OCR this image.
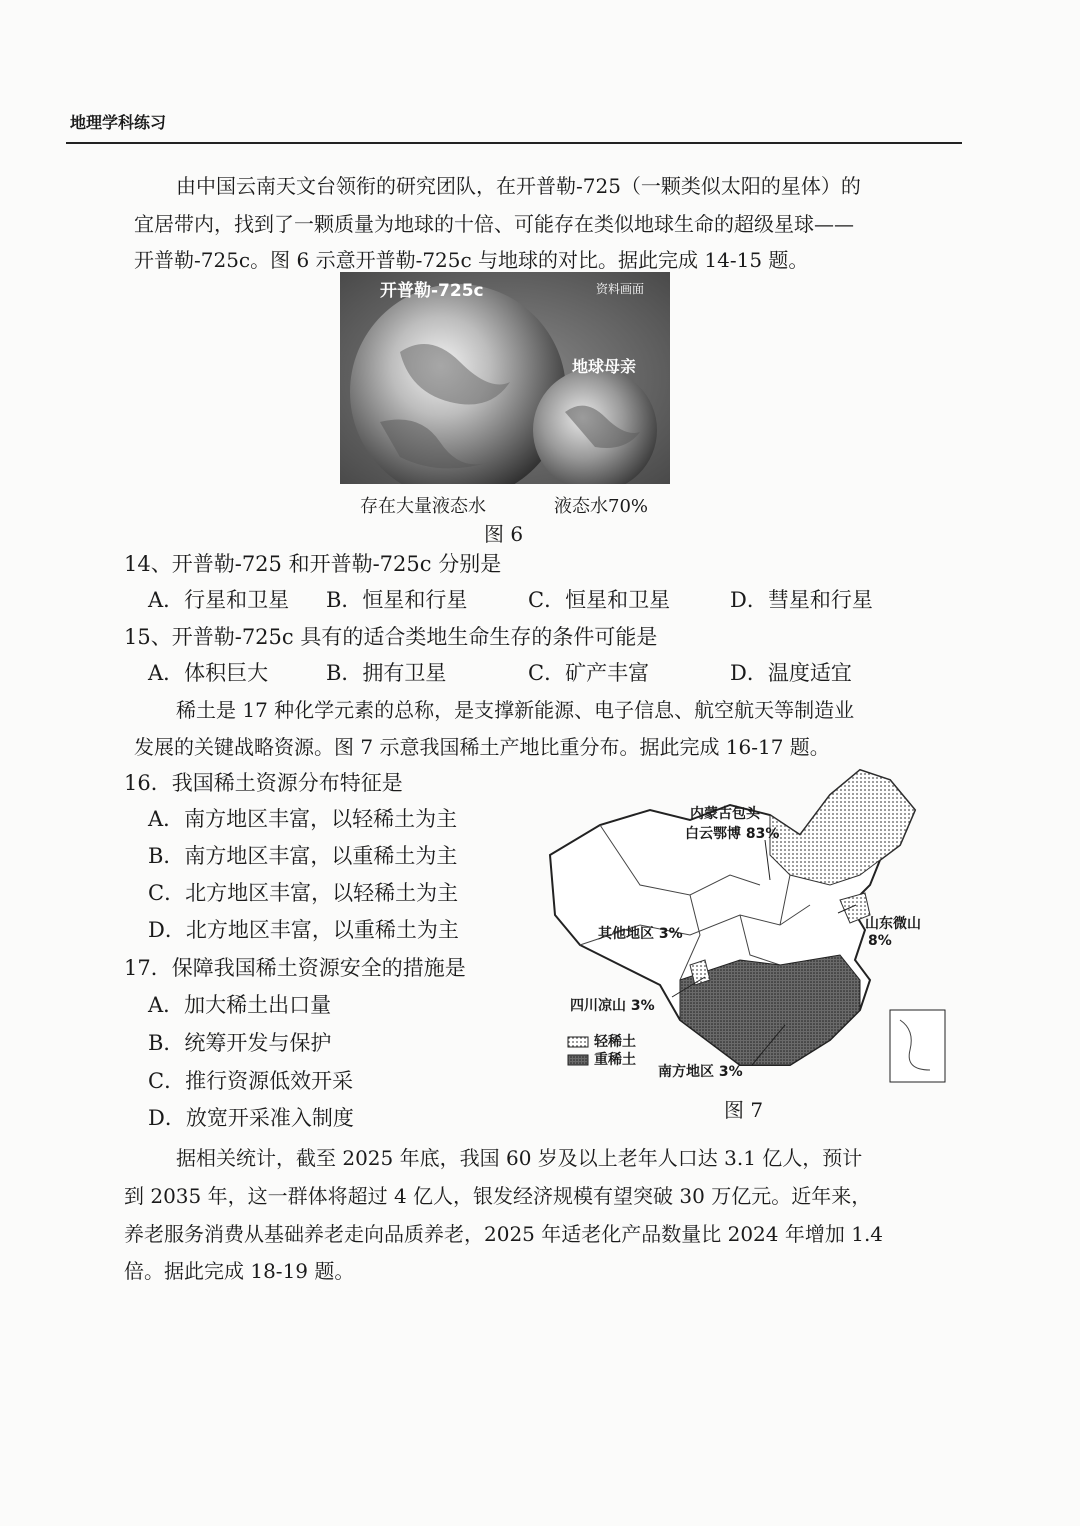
地理学科练习
由中国云南天文台领衔的研究团队，在开普勒-725（一颗类似太阳的星体）的
宜居带内，找到了一颗质量为地球的十倍、可能存在类似地球生命的超级星球——
开普勒-725c。图 6 示意开普勒-725c 与地球的对比。据此完成 14-15 题。
开普勒-725c	资料画面
地球母亲
存在大量液态水	液态水70%
图 6
14、开普勒-725 和开普勒-725c 分别是
A．行星和卫星 B．恒星和行星	C．恒星和卫星	D．彗星和行星
15、开普勒-725c 具有的适合类地生命生存的条件可能是
A．体积巨大	B．拥有卫星	C．矿产丰富	D．温度适宜
稀土是 17 种化学元素的总称，是支撑新能源、电子信息、航空航天等制造业
发展的关键战略资源。图 7 示意我国稀土产地比重分布。据此完成 16-17 题。
16．我国稀土资源分布特征是
A．南方地区丰富，以轻稀土为主
B．南方地区丰富，以重稀土为主
C．北方地区丰富，以轻稀土为主
D．北方地区丰富，以重稀土为主
17．保障我国稀土资源安全的措施是
A．加大稀土出口量
B．统筹开发与保护
C．推行资源低效开采
D．放宽开采准入制度
内蒙古包头
白云鄂博 83%
其他地区 3%
山东微山
8%
四川凉山 3%
轻稀土
重稀土
南方地区 3%
图 7
据相关统计，截至 2025 年底，我国 60 岁及以上老年人口达 3.1 亿人，预计
到 2035 年，这一群体将超过 4 亿人，银发经济规模有望突破 30 万亿元。近年来，
养老服务消费从基础养老走向品质养老，2025 年适老化产品数量比 2024 年增加 1.4
倍。据此完成 18-19 题。
